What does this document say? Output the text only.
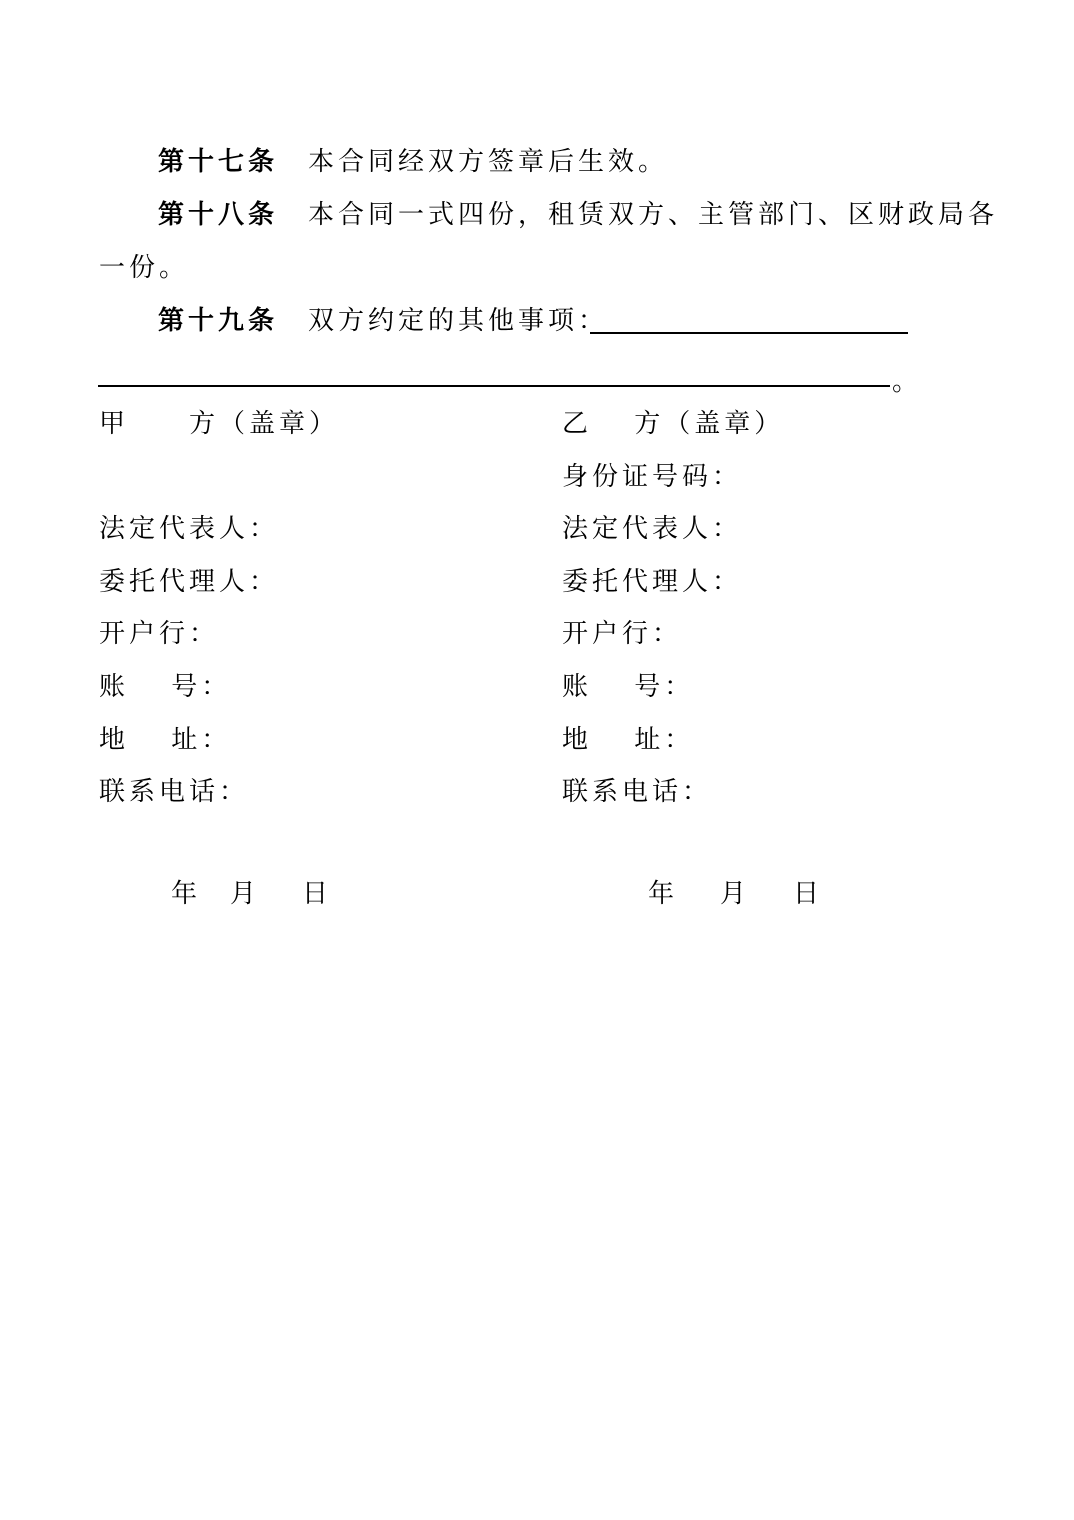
第十七条 本合同经双方签章后生效。
第十八条 本合同一式四份，租赁双方、主管部门、区财政局各
一份。
第十九条 双方约定的其他事项：
。
甲　　方（盖章）
法定代表人：
委托代理人：
开户行：
账　 号：
地　 址：
联系电话：
乙　 方（盖章）
身份证号码：
法定代表人：
委托代理人：
开户行：
账　 号：
地　 址：
联系电话：
年 月 日	年 月 日
